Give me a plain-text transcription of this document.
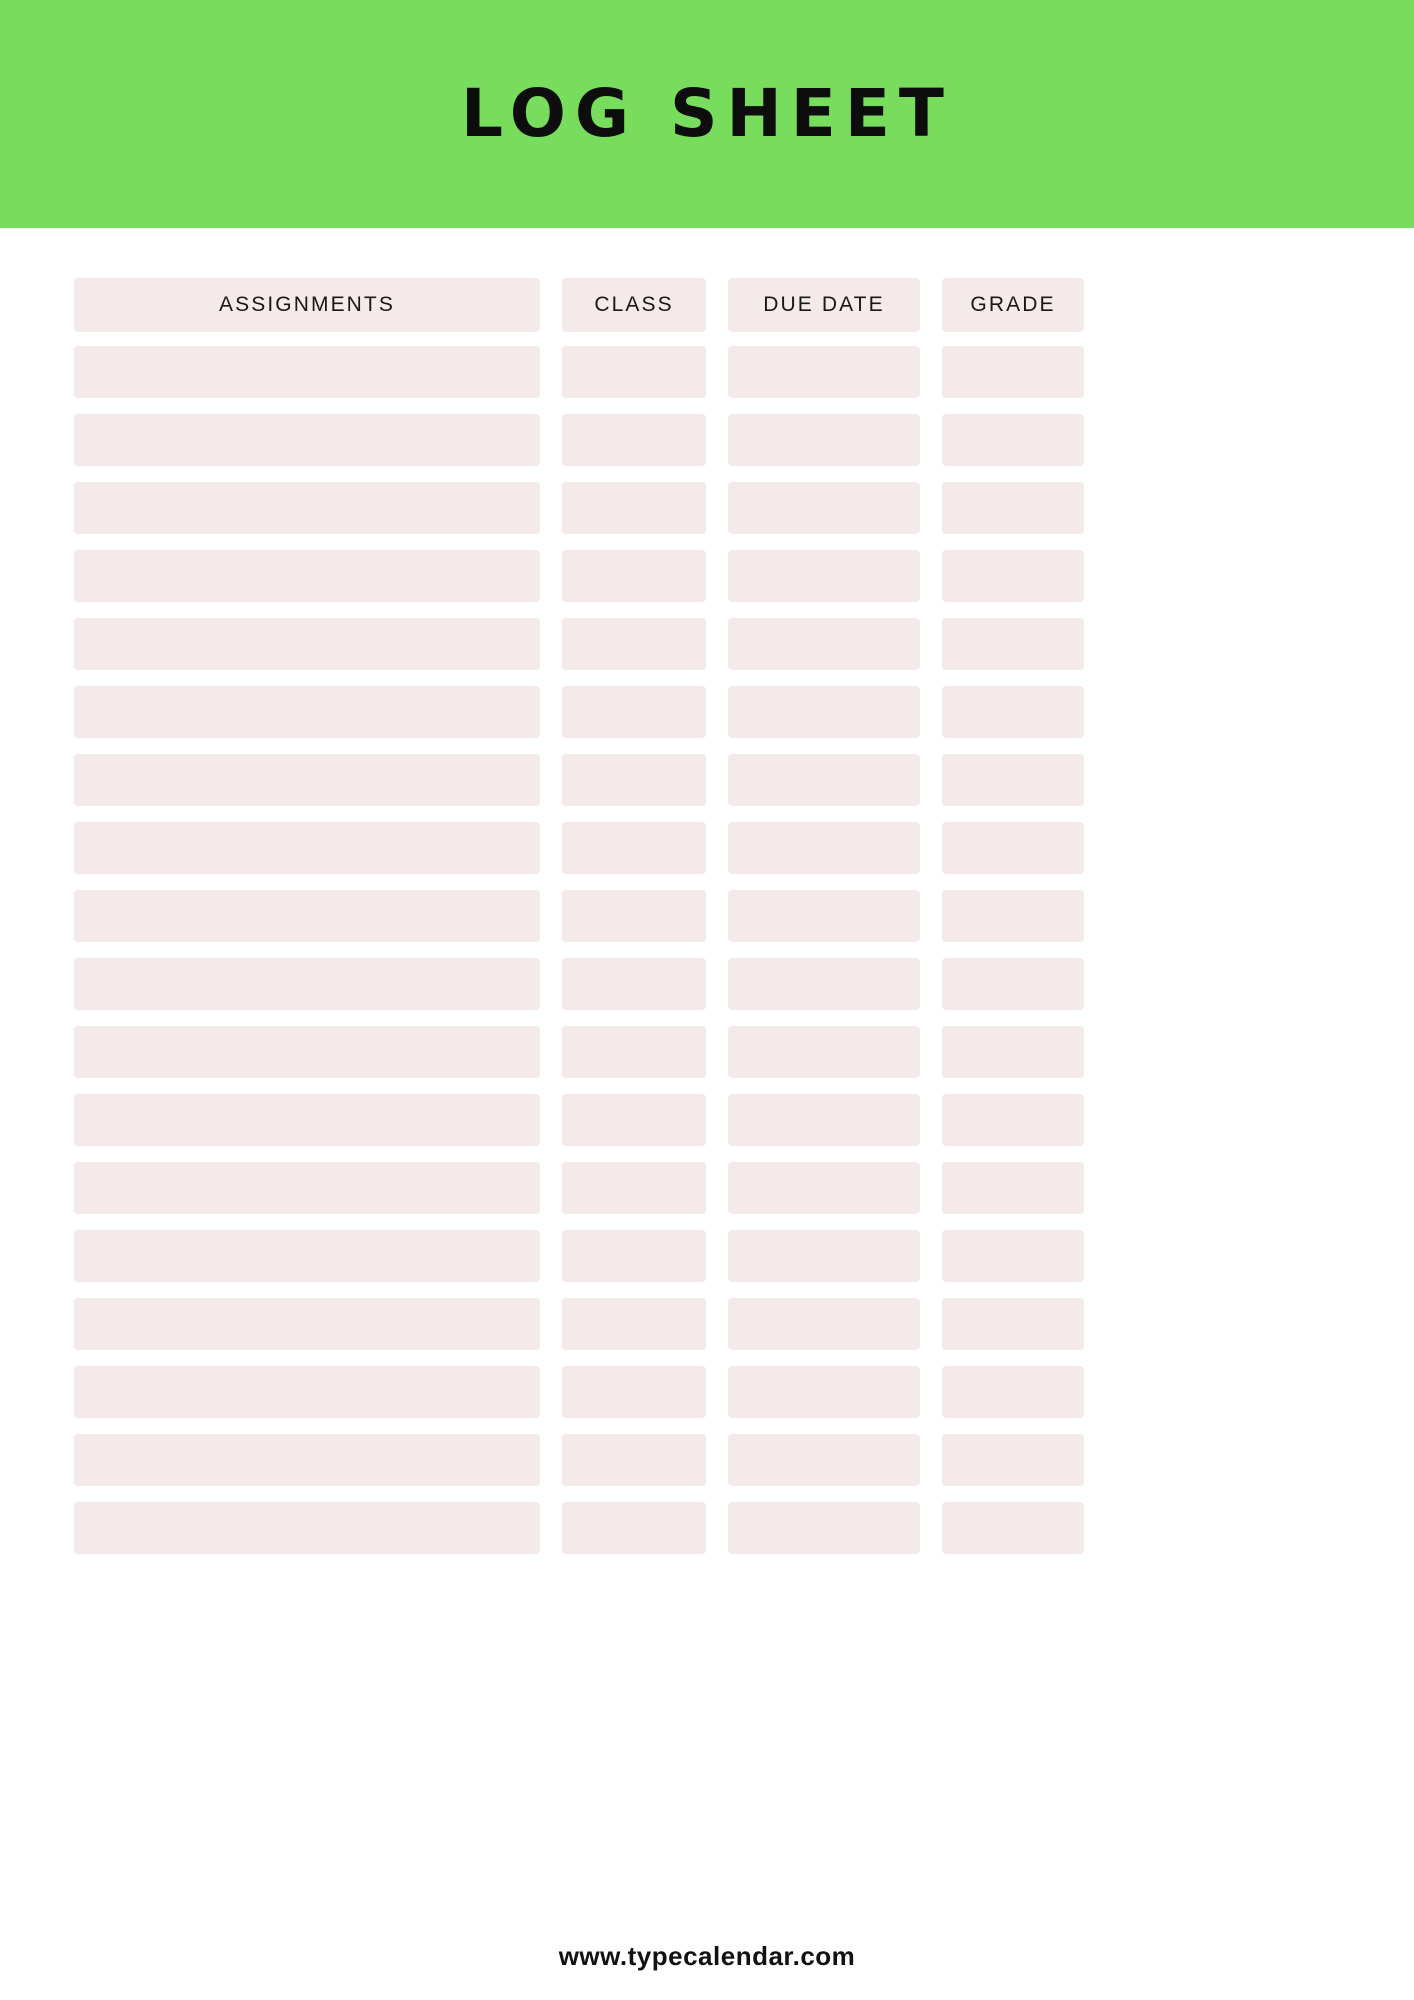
LOG SHEET
ASSIGNMENTS	CLASS	DUE DATE	GRADE
www.typecalendar.com
